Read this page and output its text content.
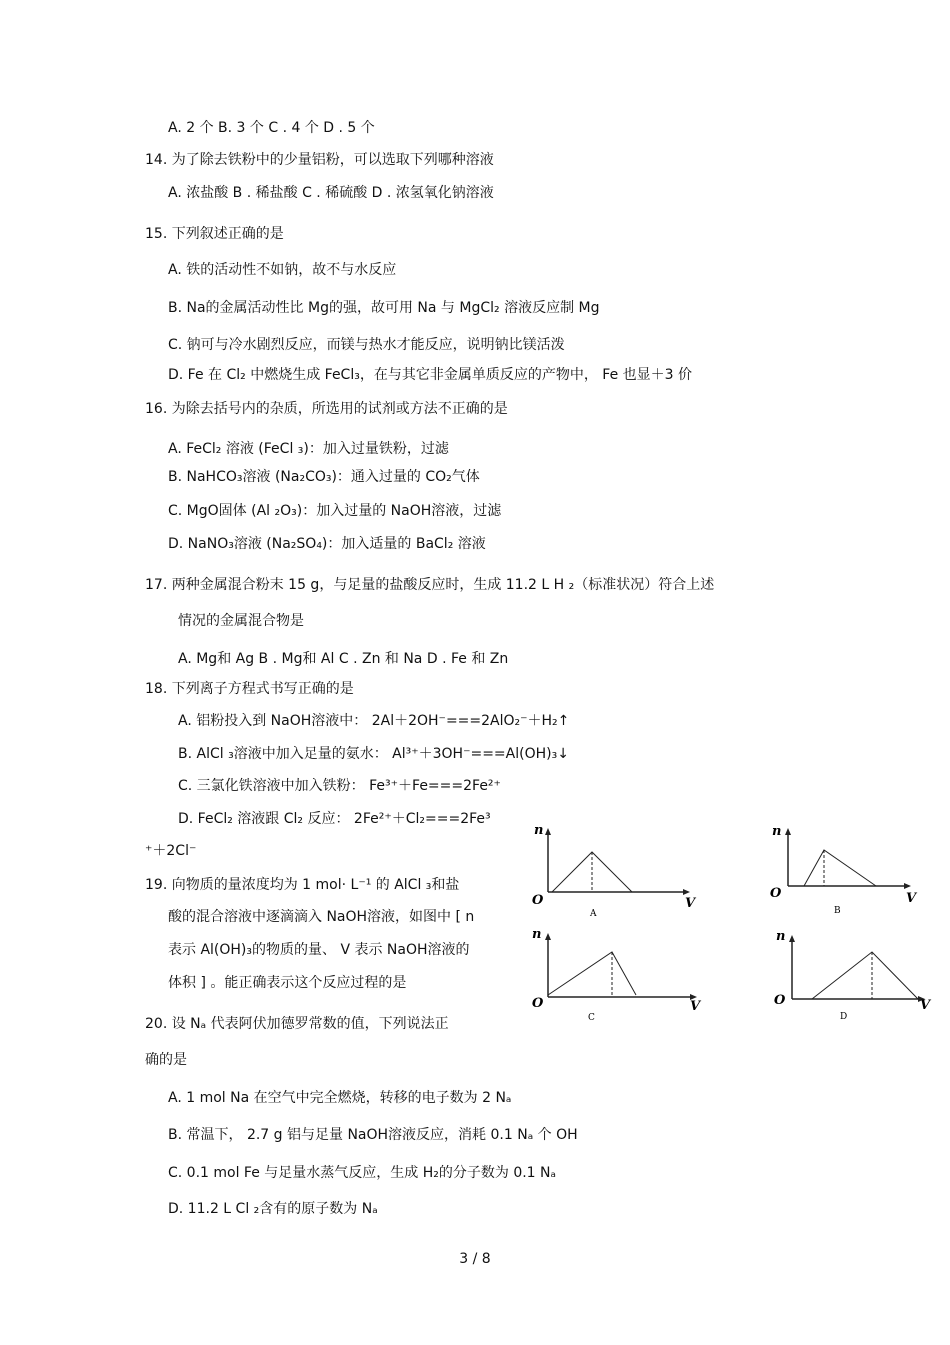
A. 2 个 B. 3 个 C . 4 个 D . 5 个
14. 为了除去铁粉中的少量铝粉，可以选取下列哪种溶液
A. 浓盐酸 B . 稀盐酸 C . 稀硫酸 D . 浓氢氧化钠溶液
15. 下列叙述正确的是
A. 铁的活动性不如钠，故不与水反应
B. Na的金属活动性比 Mg的强，故可用 Na 与 MgCl₂ 溶液反应制 Mg
C. 钠可与冷水剧烈反应，而镁与热水才能反应，说明钠比镁活泼
D. Fe 在 Cl₂ 中燃烧生成 FeCl₃，在与其它非金属单质反应的产物中， Fe 也显＋3 价
16. 为除去括号内的杂质，所选用的试剂或方法不正确的是
A. FeCl₂ 溶液 (FeCl ₃)：加入过量铁粉，过滤
B. NaHCO₃溶液 (Na₂CO₃)：通入过量的 CO₂气体
C. MgO固体 (Al ₂O₃)：加入过量的 NaOH溶液，过滤
D. NaNO₃溶液 (Na₂SO₄)：加入适量的 BaCl₂ 溶液
17. 两种金属混合粉末 15 g，与足量的盐酸反应时，生成 11.2 L H ₂（标准状况）符合上述
情况的金属混合物是
A. Mg和 Ag B . Mg和 Al C . Zn 和 Na D . Fe 和 Zn
18. 下列离子方程式书写正确的是
A. 铝粉投入到 NaOH溶液中： 2Al＋2OH⁻===2AlO₂⁻＋H₂↑
B. AlCl ₃溶液中加入足量的氨水： Al³⁺＋3OH⁻===Al(OH)₃↓
C. 三氯化铁溶液中加入铁粉： Fe³⁺＋Fe===2Fe²⁺
D. FeCl₂ 溶液跟 Cl₂ 反应： 2Fe²⁺＋Cl₂===2Fe³
⁺＋2Cl⁻
19. 向物质的量浓度均为 1 mol· L⁻¹ 的 AlCl ₃和盐
酸的混合溶液中逐滴滴入 NaOH溶液，如图中 [ n
表示 Al(OH)₃的物质的量、 V 表示 NaOH溶液的
体积 ] 。能正确表示这个反应过程的是
20. 设 Nₐ 代表阿伏加德罗常数的值，下列说法正
确的是
A. 1 mol Na 在空气中完全燃烧，转移的电子数为 2 Nₐ
B. 常温下， 2.7 g 铝与足量 NaOH溶液反应，消耗 0.1 Nₐ 个 OH
C. 0.1 mol Fe 与足量水蒸气反应，生成 H₂的分子数为 0.1 Nₐ
D. 11.2 L Cl ₂含有的原子数为 Nₐ
n
O	V
A
n
O	V
B
n
O	V
C
n
O	V
D
3 / 8
